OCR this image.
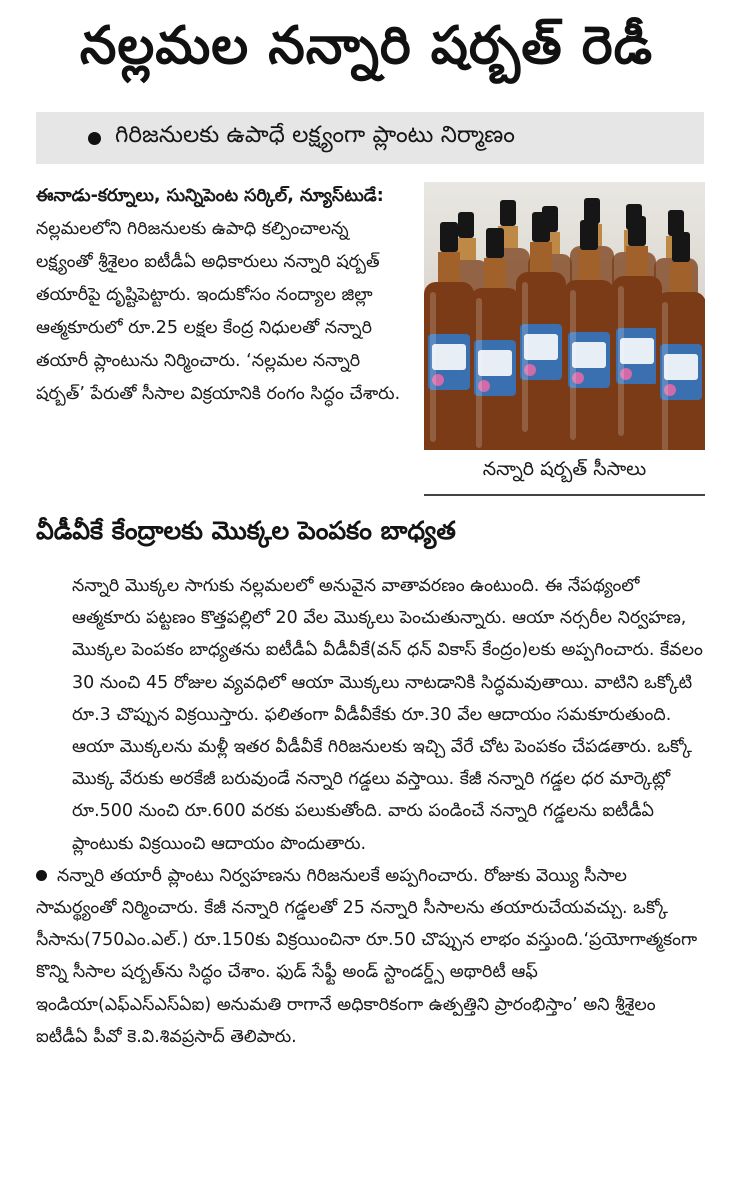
నల్లమల నన్నారి షర్బత్‌ రెడీ
గిరిజనులకు ఉపాధే లక్ష్యంగా ప్లాంటు నిర్మాణం

ఈనాడు-కర్నూలు, సున్నిపెంట సర్కిల్‌, న్యూస్‌టుడే: నల్లమలలోని గిరిజనులకు ఉపాధి కల్పించాలన్న లక్ష్యంతో శ్రీశైలం ఐటీడీఏ అధికారులు నన్నారి షర్బత్‌ తయారీపై దృష్టిపెట్టారు. ఇందుకోసం నంద్యాల జిల్లా ఆత్మకూరులో రూ.25 లక్షల కేంద్ర నిధులతో నన్నారి తయారీ ప్లాంటును నిర్మించారు. ‘నల్లమల నన్నారి షర్బత్‌’ పేరుతో సీసాల విక్రయానికి రంగం సిద్ధం చేశారు.

నన్నారి షర్బత్‌ సీసాలు
వీడీవీకే కేంద్రాలకు మొక్కల పెంపకం బాధ్యత

నన్నారి మొక్కల సాగుకు నల్లమలలో అనువైన వాతావరణం ఉంటుంది. ఈ నేపథ్యంలో ఆత్మకూరు పట్టణం కొత్తపల్లిలో 20 వేల మొక్కలు పెంచుతున్నారు. ఆయా నర్సరీల నిర్వహణ, మొక్కల పెంపకం బాధ్యతను ఐటీడీఏ వీడీవీకే(వన్‌ ధన్‌ వికాస్‌ కేంద్రం)లకు అప్పగించారు. కేవలం 30 నుంచి 45 రోజుల వ్యవధిలో ఆయా మొక్కలు నాటడానికి సిద్ధమవుతాయి. వాటిని ఒక్కోటి రూ.3 చొప్పున విక్రయిస్తారు. ఫలితంగా వీడీవీకేకు రూ.30 వేల ఆదాయం సమకూరుతుంది. ఆయా మొక్కలను మళ్లీ ఇతర వీడీవీకే గిరిజనులకు ఇచ్చి వేరే చోట పెంపకం చేపడతారు. ఒక్కో మొక్క వేరుకు అరకేజీ బరువుండే నన్నారి గడ్డలు వస్తాయి. కేజీ నన్నారి గడ్డల ధర మార్కెట్లో రూ.500 నుంచి రూ.600 వరకు పలుకుతోంది. వారు పండించే నన్నారి గడ్డలను ఐటీడీఏ ప్లాంటుకు విక్రయించి ఆదాయం పొందుతారు.

నన్నారి తయారీ ప్లాంటు నిర్వహణను గిరిజనులకే అప్పగించారు. రోజుకు వెయ్యి సీసాల సామర్థ్యంతో నిర్మించారు. కేజీ నన్నారి గడ్డలతో 25 నన్నారి సీసాలను తయారుచేయవచ్చు. ఒక్కో సీసాను(750ఎం.ఎల్‌.) రూ.150కు విక్రయించినా రూ.50 చొప్పున లాభం వస్తుంది.‘ప్రయోగాత్మకంగా కొన్ని సీసాల షర్బత్‌ను సిద్ధం చేశాం. ఫుడ్‌ సేఫ్టీ అండ్‌ స్టాండర్డ్స్‌ అథారిటీ ఆఫ్‌ ఇండియా(ఎఫ్‌ఎస్‌ఎస్‌ఏఐ) అనుమతి రాగానే అధికారికంగా ఉత్పత్తిని ప్రారంభిస్తాం’ అని శ్రీశైలం ఐటీడీఏ పీవో కె.వి.శివప్రసాద్‌ తెలిపారు.
